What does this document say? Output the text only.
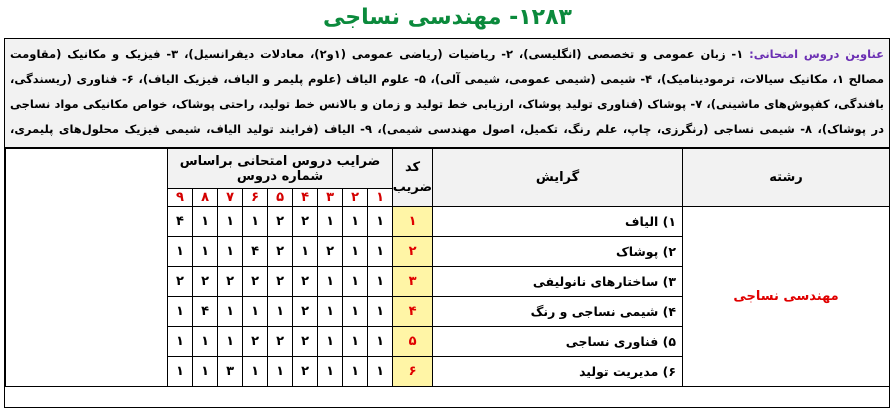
۱۲۸۳- مهندسی نساجی
عناوین دروس امتحانی: ۱- زبان عمومی و تخصصی (انگلیسی)، ۲- ریاضیات (ریاضی عمومی (۱و۲)، معادلات دیفرانسیل)، ۳- فیزیک و مکانیک (مقاومت مصالح ۱، مکانیک سیالات، ترمودینامیک)، ۴- شیمی (شیمی عمومی، شیمی آلی)، ۵- علوم الیاف (علوم پلیمر و الیاف، فیزیک الیاف)، ۶- فناوری (ریسندگی، بافندگی، کفپوش‌های ماشینی)، ۷- پوشاک (فناوری تولید پوشاک، ارزیابی خط تولید و زمان و بالانس خط تولید، راحتی پوشاک، خواص مکانیکی مواد نساجی در پوشاک)، ۸- شیمی نساجی (رنگرزی، چاپ، علم رنگ، تکمیل، اصول مهندسی شیمی)، ۹- الیاف (فرایند تولید الیاف، شیمی فیزیک محلول‌های پلیمری،
رشته	گرایش	کد ضریب	ضرایب دروس امتحانی براساس شماره دروس									
			۱	۲	۳	۴	۵	۶	۷	۸	۹	
مهندسی نساجی	۱) الیاف	۱	۱	۱	۱	۲	۲	۱	۱	۱	۴	
	۲) پوشاک	۲	۱	۱	۲	۱	۲	۴	۱	۱	۱	
	۳) ساختارهای نانولیفی	۳	۱	۱	۱	۲	۲	۲	۲	۲	۲	
	۴) شیمی نساجی و رنگ	۴	۱	۱	۱	۲	۱	۱	۱	۴	۱	
	۵) فناوری نساجی	۵	۱	۱	۱	۲	۲	۲	۱	۱	۱	
	۶) مدیریت تولید	۶	۱	۱	۱	۲	۱	۱	۳	۱	۱	
